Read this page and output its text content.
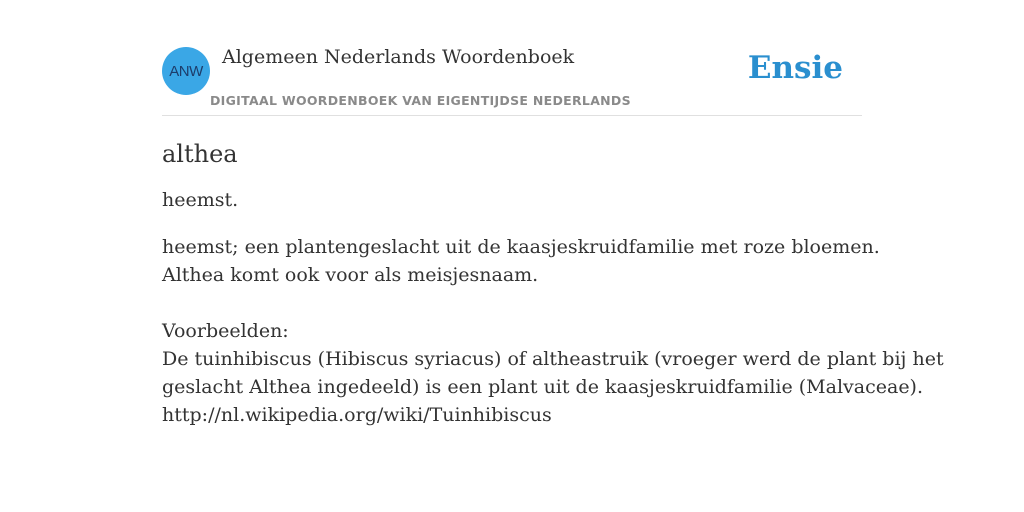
ANW
Algemeen Nederlands Woordenboek
DIGITAAL WOORDENBOEK VAN EIGENTIJDSE NEDERLANDS
Ensie
althea

heemst.

heemst; een plantengeslacht uit de kaasjeskruidfamilie met roze bloemen.
Althea komt ook voor als meisjesnaam.
Voorbeelden:
De tuinhibiscus (Hibiscus syriacus) of altheastruik (vroeger werd de plant bij het
geslacht Althea ingedeeld) is een plant uit de kaasjeskruidfamilie (Malvaceae).
http://nl.wikipedia.org/wiki/Tuinhibiscus
